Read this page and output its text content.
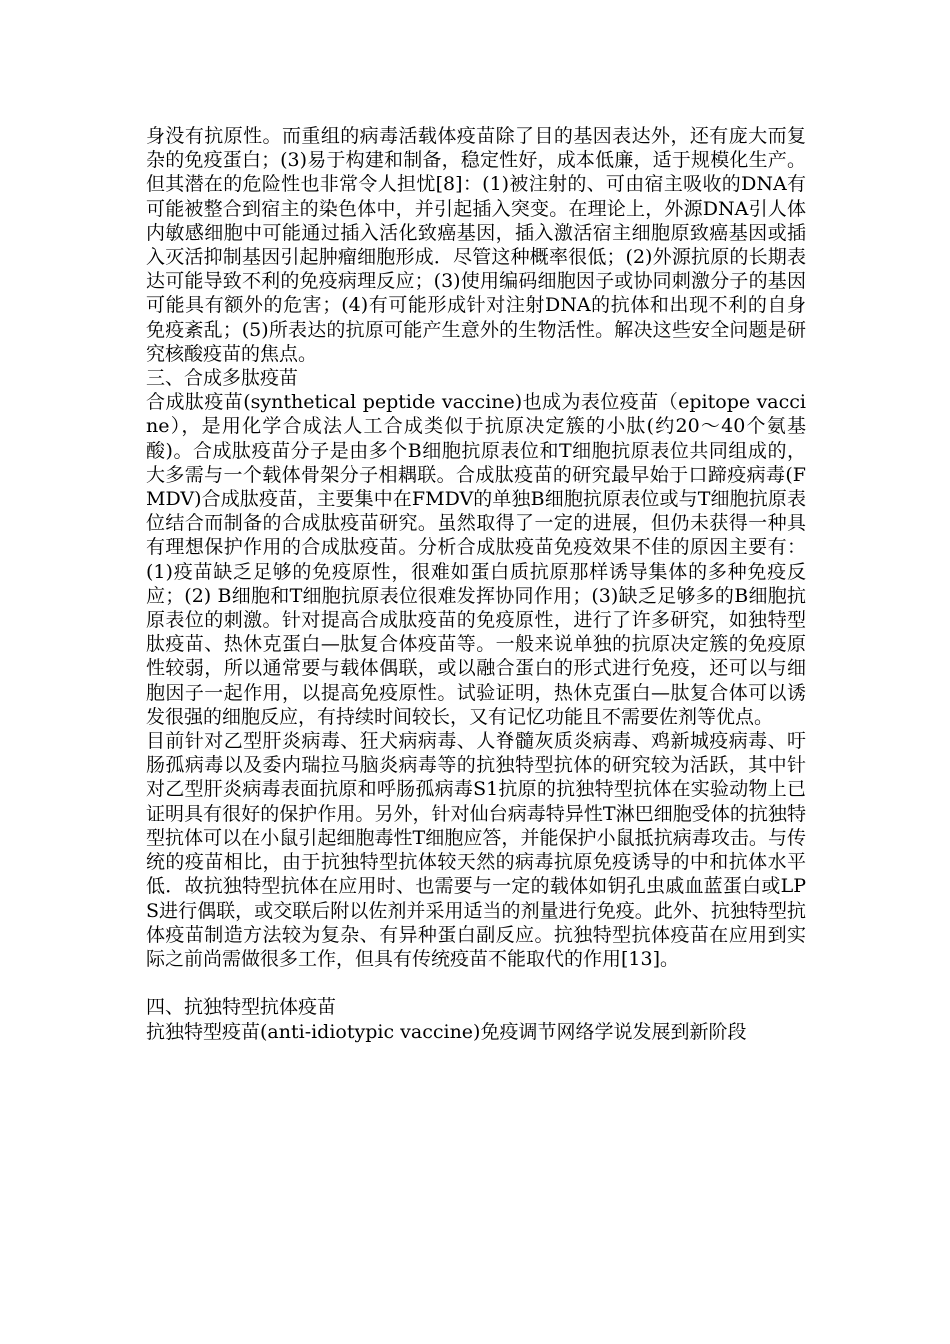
身没有抗原性。而重组的病毒活载体疫苗除了目的基因表达外，还有庞大而复杂的免疫蛋白；(3)易于构建和制备，稳定性好，成本低廉，适于规模化生产。但其潜在的危险性也非常令人担忧[8]：(1)被注射的、可由宿主吸收的DNA有可能被整合到宿主的染色体中，并引起插入突变。在理论上，外源DNA引人体内敏感细胞中可能通过插入活化致癌基因，插入激活宿主细胞原致癌基因或插入灭活抑制基因引起肿瘤细胞形成．尽管这种概率很低；(2)外源抗原的长期表达可能导致不利的免疫病理反应；(3)使用编码细胞因子或协同刺激分子的基因可能具有额外的危害；(4)有可能形成针对注射DNA的抗体和出现不利的自身免疫紊乱；(5)所表达的抗原可能产生意外的生物活性。解决这些安全问题是研究核酸疫苗的焦点。

三、合成多肽疫苗

合成肽疫苗(synthetical peptide vaccine)也成为表位疫苗（epitope vaccine），是用化学合成法人工合成类似于抗原决定簇的小肽(约20～40个氨基酸)。合成肽疫苗分子是由多个B细胞抗原表位和T细胞抗原表位共同组成的，大多需与一个载体骨架分子相耦联。合成肽疫苗的研究最早始于口蹄疫病毒(FMDV)合成肽疫苗，主要集中在FMDV的单独B细胞抗原表位或与T细胞抗原表位结合而制备的合成肽疫苗研究。虽然取得了一定的进展，但仍未获得一种具有理想保护作用的合成肽疫苗。分析合成肽疫苗免疫效果不佳的原因主要有：(1)疫苗缺乏足够的免疫原性，很难如蛋白质抗原那样诱导集体的多种免疫反应；(2) B细胞和T细胞抗原表位很难发挥协同作用；(3)缺乏足够多的B细胞抗原表位的刺激。针对提高合成肽疫苗的免疫原性，进行了许多研究，如独特型肽疫苗、热休克蛋白—肽复合体疫苗等。一般来说单独的抗原决定簇的免疫原性较弱，所以通常要与载体偶联，或以融合蛋白的形式进行免疫，还可以与细胞因子一起作用，以提高免疫原性。试验证明，热休克蛋白—肽复合体可以诱发很强的细胞反应，有持续时间较长，又有记忆功能且不需要佐剂等优点。

目前针对乙型肝炎病毒、狂犬病病毒、人脊髓灰质炎病毒、鸡新城疫病毒、吁肠孤病毒以及委内瑞拉马脑炎病毒等的抗独特型抗体的研究较为活跃，其中针对乙型肝炎病毒表面抗原和呼肠孤病毒S1抗原的抗独特型抗体在实验动物上已证明具有很好的保护作用。另外，针对仙台病毒特异性T淋巴细胞受体的抗独特型抗体可以在小鼠引起细胞毒性T细胞应答，并能保护小鼠抵抗病毒攻击。与传统的疫苗相比，由于抗独特型抗体较天然的病毒抗原免疫诱导的中和抗体水平低．故抗独特型抗体在应用时、也需要与一定的载体如钥孔虫戚血蓝蛋白或LPS进行偶联，或交联后附以佐剂并采用适当的剂量进行免疫。此外、抗独特型抗体疫苗制造方法较为复杂、有异种蛋白副反应。抗独特型抗体疫苗在应用到实际之前尚需做很多工作，但具有传统疫苗不能取代的作用[13]。

四、抗独特型抗体疫苗

抗独特型疫苗(anti-idiotypic vaccine)免疫调节网络学说发展到新阶段
